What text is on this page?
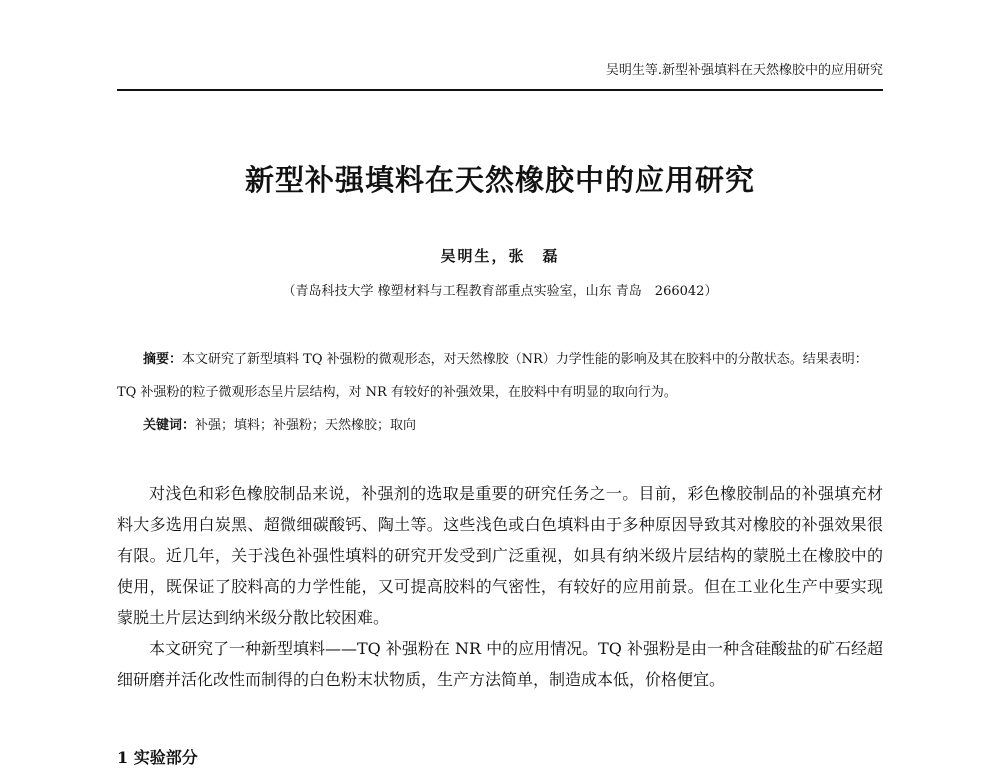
吴明生等.新型补强填料在天然橡胶中的应用研究
新型补强填料在天然橡胶中的应用研究
吴明生，张　磊
（青岛科技大学 橡塑材料与工程教育部重点实验室，山东 青岛　266042）

摘要：本文研究了新型填料 TQ 补强粉的微观形态，对天然橡胶（NR）力学性能的影响及其在胶料中的分散状态。结果表明：TQ 补强粉的粒子微观形态呈片层结构，对 NR 有较好的补强效果，在胶料中有明显的取向行为。

关键词：补强；填料；补强粉；天然橡胶；取向

对浅色和彩色橡胶制品来说，补强剂的选取是重要的研究任务之一。目前，彩色橡胶制品的补强填充材料大多选用白炭黑、超微细碳酸钙、陶土等。这些浅色或白色填料由于多种原因导致其对橡胶的补强效果很有限。近几年，关于浅色补强性填料的研究开发受到广泛重视，如具有纳米级片层结构的蒙脱土在橡胶中的使用，既保证了胶料高的力学性能，又可提高胶料的气密性，有较好的应用前景。但在工业化生产中要实现蒙脱土片层达到纳米级分散比较困难。

本文研究了一种新型填料——TQ 补强粉在 NR 中的应用情况。TQ 补强粉是由一种含硅酸盐的矿石经超细研磨并活化改性而制得的白色粉末状物质，生产方法简单，制造成本低，价格便宜。

1 实验部分
